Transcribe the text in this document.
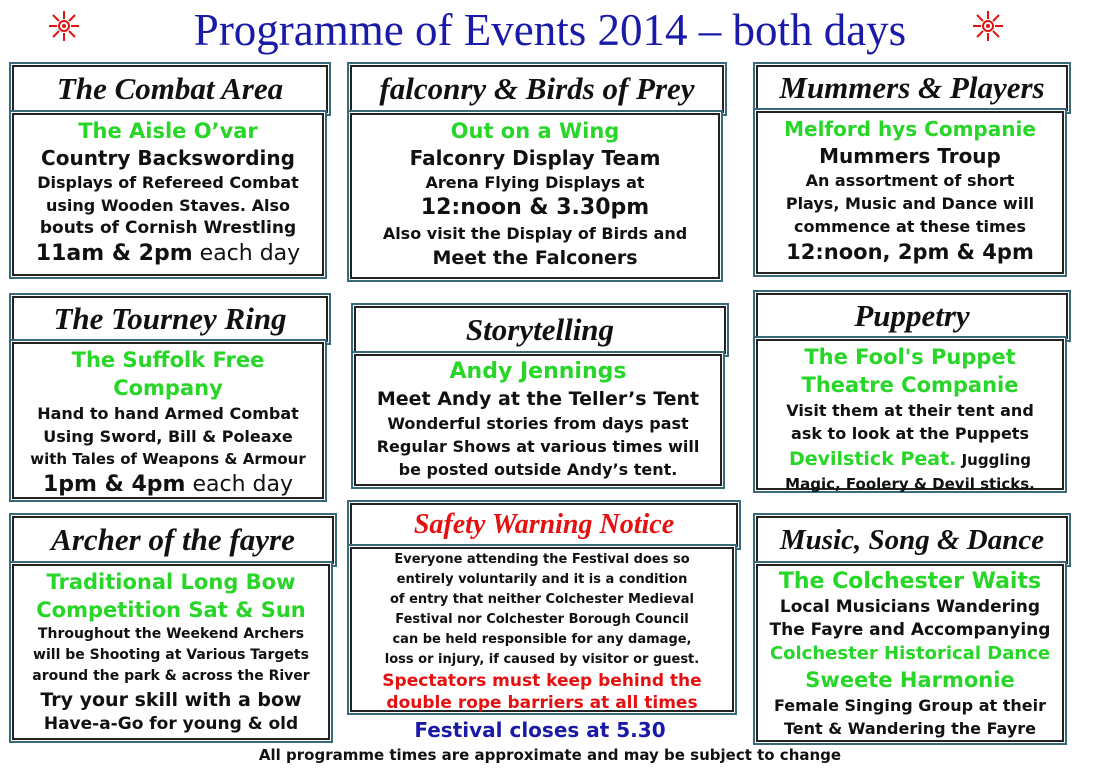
Programme of Events 2014 – both days
The Combat Area
The Aisle O’var
Country Backswording
Displays of Refereed Combat
using Wooden Staves. Also
bouts of Cornish Wrestling
11am & 2pm each day
falconry & Birds of Prey
Out on a Wing
Falconry Display Team
Arena Flying Displays at
12:noon & 3.30pm
Also visit the Display of Birds and
Meet the Falconers
Mummers & Players
Melford hys Companie
Mummers Troup
An assortment of short
Plays, Music and Dance will
commence at these times
12:noon, 2pm & 4pm
The Tourney Ring
The Suffolk Free
Company
Hand to hand Armed Combat
Using Sword, Bill & Poleaxe
with Tales of Weapons & Armour
1pm & 4pm each day
Storytelling
Andy Jennings
Meet Andy at the Teller’s Tent
Wonderful stories from days past
Regular Shows at various times will
be posted outside Andy’s tent.
Puppetry
The Fool's Puppet
Theatre Companie
Visit them at their tent and
ask to look at the Puppets
Devilstick Peat. Juggling
Magic, Foolery & Devil sticks.
Archer of the fayre
Traditional Long Bow
Competition Sat & Sun
Throughout the Weekend Archers
will be Shooting at Various Targets
around the park & across the River
Try your skill with a bow
Have-a-Go for young & old
Safety Warning Notice
Everyone attending the Festival does so
entirely voluntarily and it is a condition
of entry that neither Colchester Medieval
Festival nor Colchester Borough Council
can be held responsible for any damage,
loss or injury, if caused by visitor or guest.
Spectators must keep behind the
double rope barriers at all times
Music, Song & Dance
The Colchester Waits
Local Musicians Wandering
The Fayre and Accompanying
Colchester Historical Dance
Sweete Harmonie
Female Singing Group at their
Tent & Wandering the Fayre
Festival closes at 5.30
All programme times are approximate and may be subject to change
